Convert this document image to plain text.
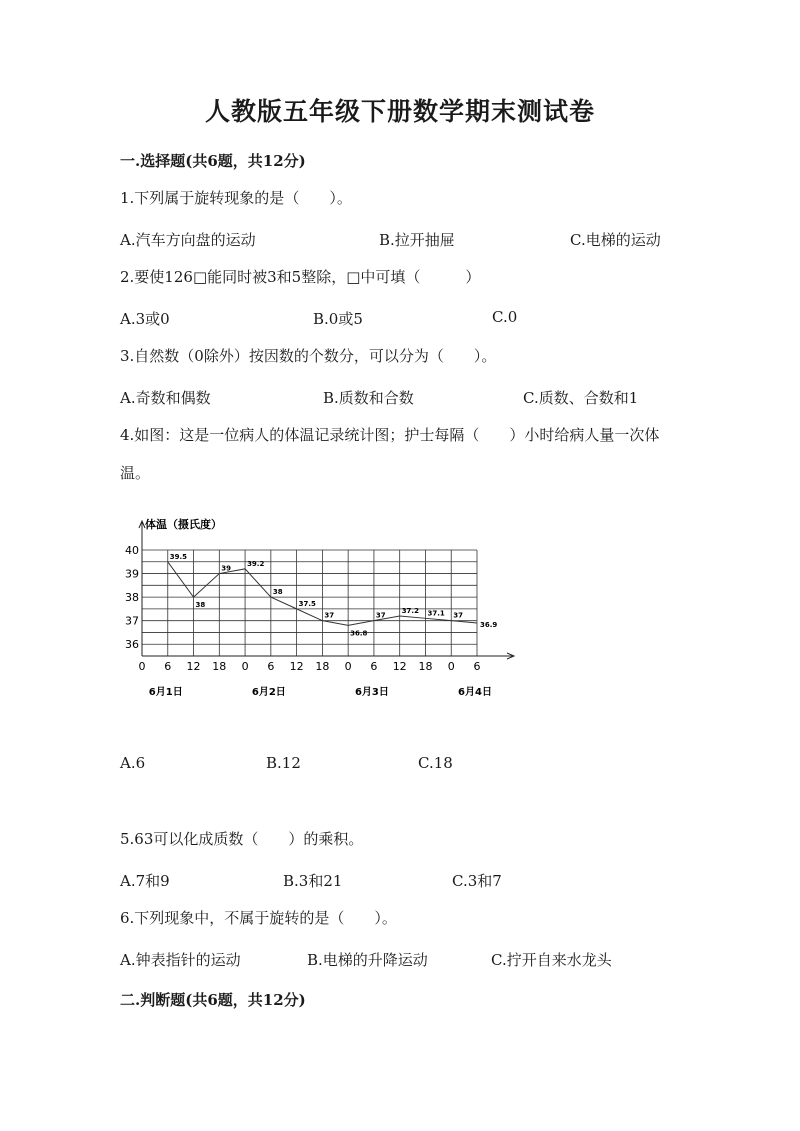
人教版五年级下册数学期末测试卷
一.选择题(共6题，共12分)
1.下列属于旋转现象的是（　　）。
A.汽车方向盘的运动	B.拉开抽屉	C.电梯的运动
2.要使126□能同时被3和5整除，□中可填（　　　）
A.3或0	B.0或5	C.0
3.自然数（0除外）按因数的个数分，可以分为（　　）。
A.奇数和偶数	B.质数和合数	C.质数、合数和1
4.如图：这是一位病人的体温记录统计图；护士每隔（　　）小时给病人量一次体温。
体温（摄氏度）
39.5
38
39
39.2
38
37.5
37
36.8
37
37.2 37.1 37
36.9
36
37
38
39
40
0 6 12 18 0 6 12 18 0 6 12 18 0 6
6月1日	6月2日	6月3日	6月4日
A.6	B.12	C.18
5.63可以化成质数（　　）的乘积。
A.7和9	B.3和21	C.3和7
6.下列现象中，不属于旋转的是（　　）。
A.钟表指针的运动	B.电梯的升降运动	C.拧开自来水龙头
二.判断题(共6题，共12分)
